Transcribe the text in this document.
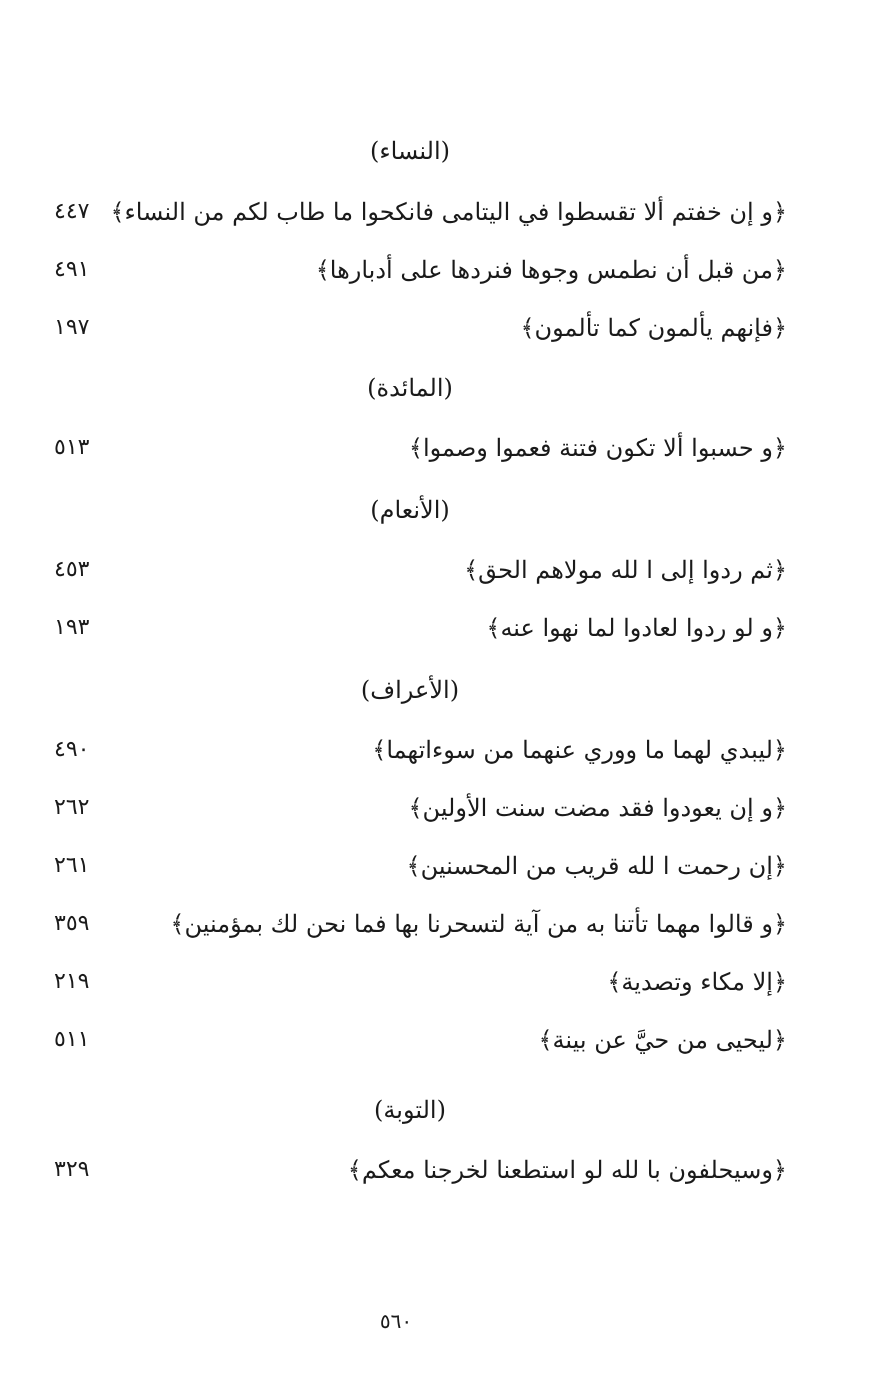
(النساء)
﴿و إن خفتم ألا تقسطوا في اليتامى فانكحوا ما طاب لكم من النساء﴾
٤٤٧
﴿من قبل أن نطمس وجوها فنردها على أدبارها﴾
٤٩١
﴿فإنهم يألمون كما تألمون﴾
١٩٧
(المائدة)
﴿و حسبوا ألا تكون فتنة فعموا وصموا﴾
٥١٣
(الأنعام)
﴿ثم ردوا إلى ا لله مولاهم الحق﴾
٤٥٣
﴿و لو ردوا لعادوا لما نهوا عنه﴾
١٩٣
(الأعراف)
﴿ليبدي لهما ما ووري عنهما من سوءاتهما﴾
٤٩٠
﴿و إن يعودوا فقد مضت سنت الأولين﴾
٢٦٢
﴿إن رحمت ا لله قريب من المحسنين﴾
٢٦١
﴿و قالوا مهما تأتنا به من آية لتسحرنا بها فما نحن لك بمؤمنين﴾
٣٥٩
﴿إلا مكاء وتصدية﴾
٢١٩
﴿ليحيى من حيَّ عن بينة﴾
٥١١
(التوبة)
﴿وسيحلفون با لله لو استطعنا لخرجنا معكم﴾
٣٢٩
٥٦٠
